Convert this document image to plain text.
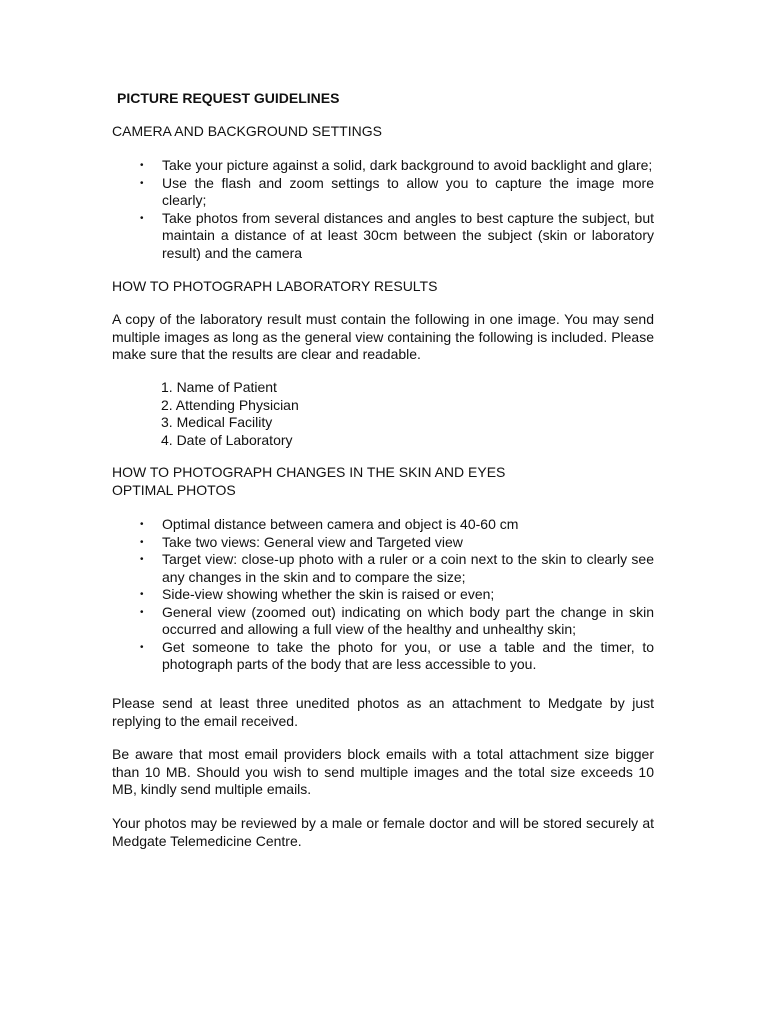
PICTURE REQUEST GUIDELINES
CAMERA AND BACKGROUND SETTINGS
• Take your picture against a solid, dark background to avoid backlight and glare;
• Use the flash and zoom settings to allow you to capture the image more clearly;
• Take photos from several distances and angles to best capture the subject, but maintain a distance of at least 30cm between the subject (skin or laboratory result) and the camera
HOW TO PHOTOGRAPH LABORATORY RESULTS
A copy of the laboratory result must contain the following in one image. You may send multiple images as long as the general view containing the following is included. Please make sure that the results are clear and readable.
1. Name of Patient
2. Attending Physician
3. Medical Facility
4. Date of Laboratory
HOW TO PHOTOGRAPH CHANGES IN THE SKIN AND EYES
OPTIMAL PHOTOS
• Optimal distance between camera and object is 40-60 cm
• Take two views: General view and Targeted view
• Target view: close-up photo with a ruler or a coin next to the skin to clearly see any changes in the skin and to compare the size;
• Side-view showing whether the skin is raised or even;
• General view (zoomed out) indicating on which body part the change in skin occurred and allowing a full view of the healthy and unhealthy skin;
• Get someone to take the photo for you, or use a table and the timer, to photograph parts of the body that are less accessible to you.
Please send at least three unedited photos as an attachment to Medgate by just replying to the email received.
Be aware that most email providers block emails with a total attachment size bigger than 10 MB. Should you wish to send multiple images and the total size exceeds 10 MB, kindly send multiple emails.
Your photos may be reviewed by a male or female doctor and will be stored securely at Medgate Telemedicine Centre.
